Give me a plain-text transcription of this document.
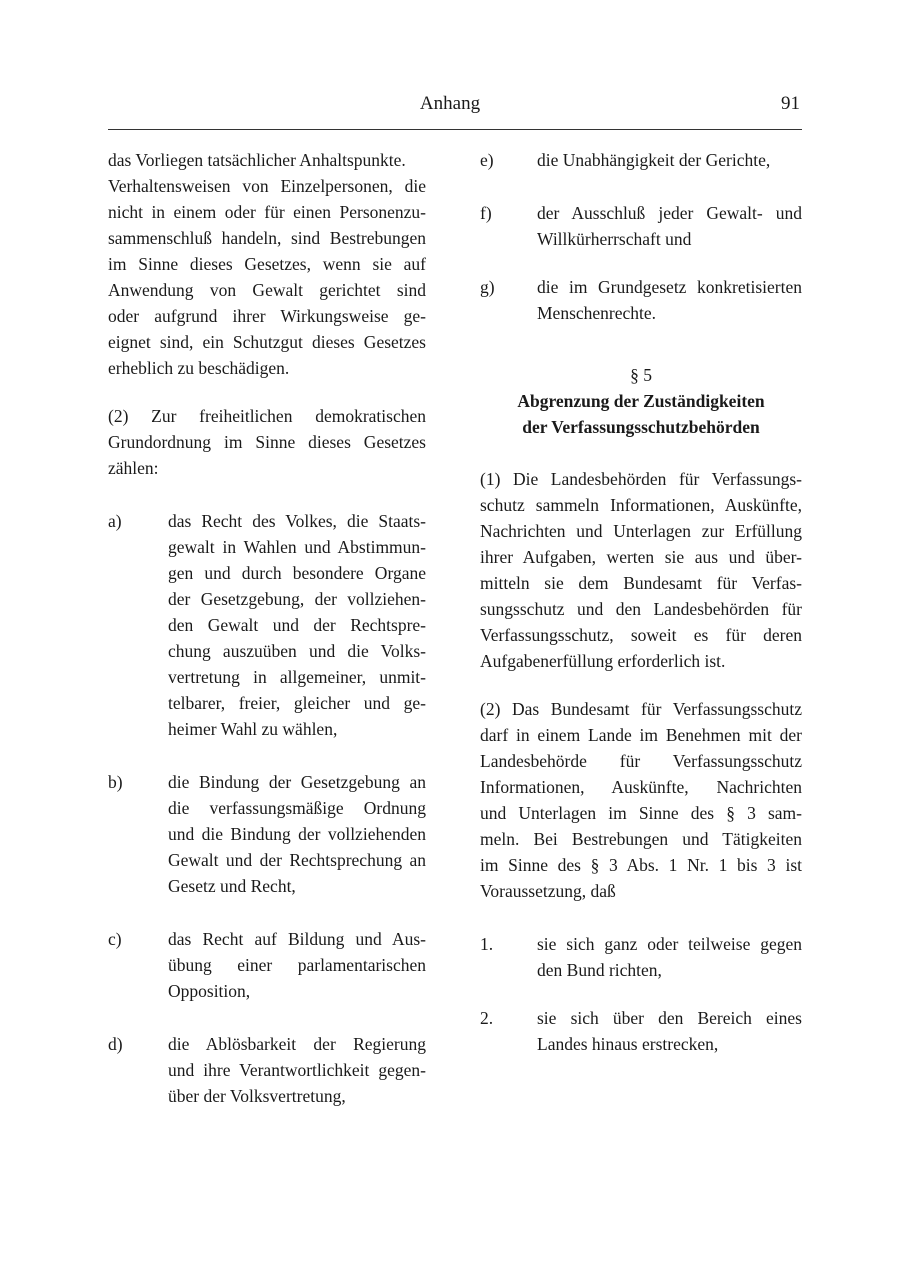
Anhang	91
das Vorliegen tatsächlicher Anhaltspunkte.
Verhaltensweisen von Einzelpersonen, die
nicht in einem oder für einen Personenzu-
sammenschluß handeln, sind Bestrebungen
im Sinne dieses Gesetzes, wenn sie auf
Anwendung von Gewalt gerichtet sind
oder aufgrund ihrer Wirkungsweise ge-
eignet sind, ein Schutzgut dieses Gesetzes
erheblich zu beschädigen.
(2) Zur freiheitlichen demokratischen
Grundordnung im Sinne dieses Gesetzes
zählen:
a)	das Recht des Volkes, die Staats-
gewalt in Wahlen und Abstimmun-
gen und durch besondere Organe
der Gesetzgebung, der vollziehen-
den Gewalt und der Rechtspre-
chung auszuüben und die Volks-
vertretung in allgemeiner, unmit-
telbarer, freier, gleicher und ge-
heimer Wahl zu wählen,
b)	die Bindung der Gesetzgebung an
die verfassungsmäßige Ordnung
und die Bindung der vollziehenden
Gewalt und der Rechtsprechung an
Gesetz und Recht,
c)	das Recht auf Bildung und Aus-
übung einer parlamentarischen
Opposition,
d)	die Ablösbarkeit der Regierung
und ihre Verantwortlichkeit gegen-
über der Volksvertretung,
e) die Unabhängigkeit der Gerichte,
f)	der Ausschluß jeder Gewalt- und
Willkürherrschaft und
g) die im Grundgesetz konkretisierten
Menschenrechte.
§ 5
Abgrenzung der Zuständigkeiten
der Verfassungsschutzbehörden
(1) Die Landesbehörden für Verfassungs-
schutz sammeln Informationen, Auskünfte,
Nachrichten und Unterlagen zur Erfüllung
ihrer Aufgaben, werten sie aus und über-
mitteln sie dem Bundesamt für Verfas-
sungsschutz und den Landesbehörden für
Verfassungsschutz, soweit es für deren
Aufgabenerfüllung erforderlich ist.
(2) Das Bundesamt für Verfassungsschutz
darf in einem Lande im Benehmen mit der
Landesbehörde für Verfassungsschutz
Informationen, Auskünfte, Nachrichten
und Unterlagen im Sinne des § 3 sam-
meln. Bei Bestrebungen und Tätigkeiten
im Sinne des § 3 Abs. 1 Nr. 1 bis 3 ist
Voraussetzung, daß
1.	sie sich ganz oder teilweise gegen
den Bund richten,
2.	sie sich über den Bereich eines
Landes hinaus erstrecken,
